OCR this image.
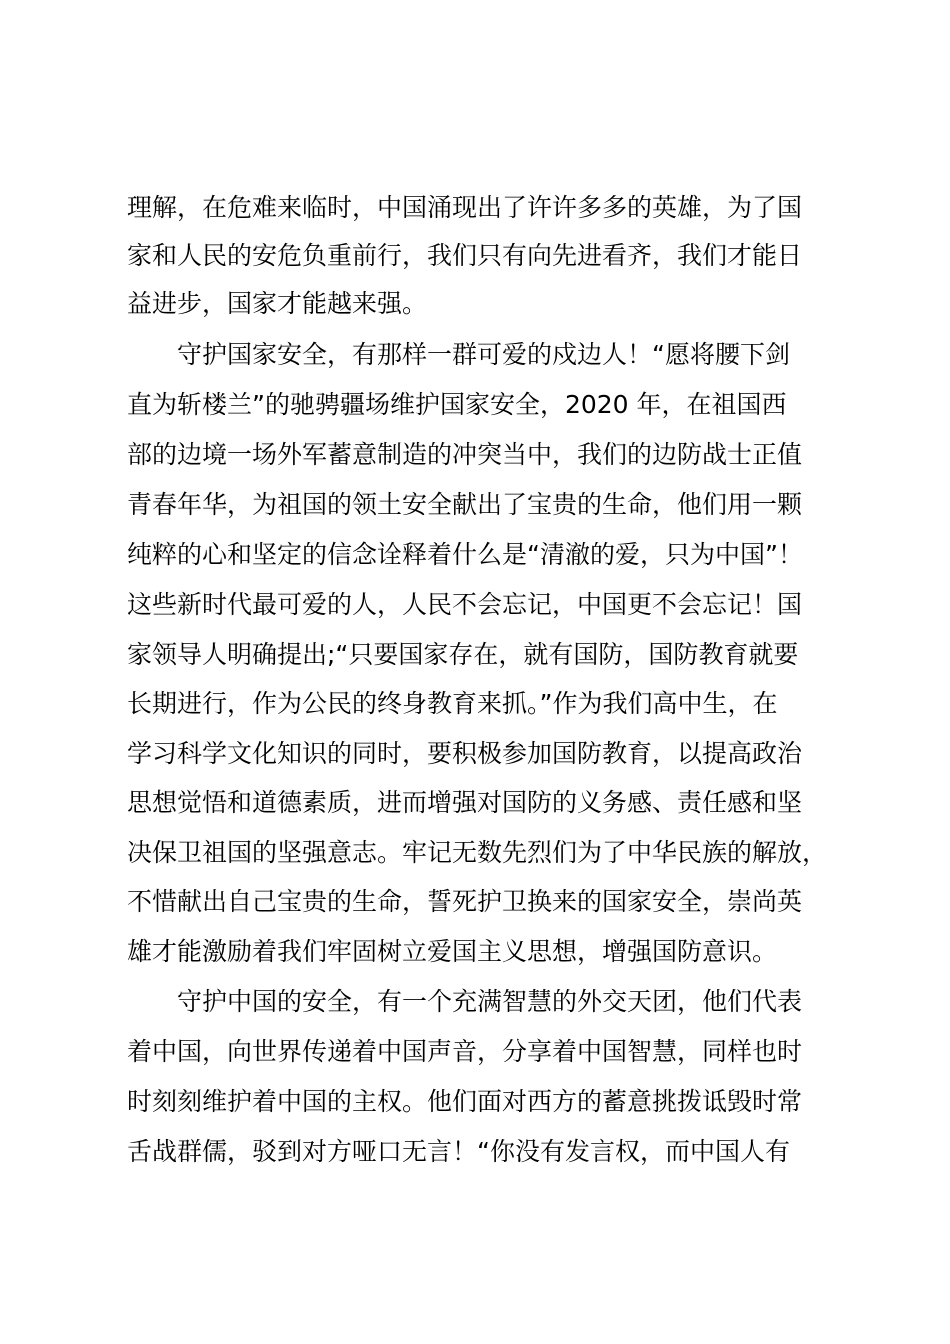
理解，在危难来临时，中国涌现出了许许多多的英雄，为了国
家和人民的安危负重前行，我们只有向先进看齐，我们才能日
益进步，国家才能越来强。
守护国家安全，有那样一群可爱的戍边人！“愿将腰下剑
直为斩楼兰”的驰骋疆场维护国家安全，2020 年，在祖国西
部的边境一场外军蓄意制造的冲突当中，我们的边防战士正值
青春年华，为祖国的领土安全献出了宝贵的生命，他们用一颗
纯粹的心和坚定的信念诠释着什么是“清澈的爱，只为中国”！
这些新时代最可爱的人，人民不会忘记，中国更不会忘记！国
家领导人明确提出;“只要国家存在，就有国防，国防教育就要
长期进行，作为公民的终身教育来抓。”作为我们高中生，在
学习科学文化知识的同时，要积极参加国防教育，以提高政治
思想觉悟和道德素质，进而增强对国防的义务感、责任感和坚
决保卫祖国的坚强意志。牢记无数先烈们为了中华民族的解放，
不惜献出自己宝贵的生命，誓死护卫换来的国家安全，崇尚英
雄才能激励着我们牢固树立爱国主义思想，增强国防意识。
守护中国的安全，有一个充满智慧的外交天团，他们代表
着中国，向世界传递着中国声音，分享着中国智慧，同样也时
时刻刻维护着中国的主权。他们面对西方的蓄意挑拨诋毁时常
舌战群儒，驳到对方哑口无言！“你没有发言权，而中国人有
